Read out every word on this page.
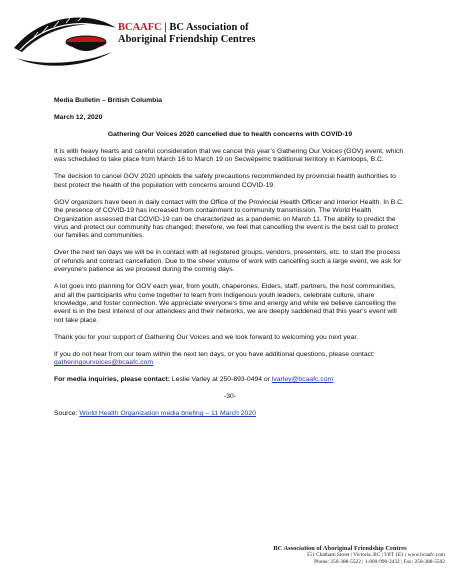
BCAAFC | BC Association of
Aboriginal Friendship Centres

Media Bulletin – British Columbia

March 12, 2020

Gathering Our Voices 2020 cancelled due to health concerns with COVID-19

It is with heavy hearts and careful consideration that we cancel this year’s Gathering Our Voices (GOV) event, which was scheduled to take place from March 16 to March 19 on Secwépemc traditional territory in Kamloops, B.C.

The decision to cancel GOV 2020 upholds the safety precautions recommended by provincial health authorities to best protect the health of the population with concerns around COVID-19.

GOV organizers have been in daily contact with the Office of the Provincial Health Officer and Interior Health. In B.C. the presence of COVID-19 has increased from containment to community transmission. The World Health Organization assessed that COVID-19 can be characterized as a pandemic on March 11. The ability to predict the virus and protect our community has changed; therefore, we feel that cancelling the event is the best call to protect our families and communities.

Over the next ten days we will be in contact with all registered groups, vendors, presenters, etc. to start the process of refunds and contract cancellation. Due to the sheer volume of work with cancelling such a large event, we ask for everyone’s patience as we proceed during the coming days.

A lot goes into planning for GOV each year, from youth, chaperones, Elders, staff, partners, the host communities, and all the participants who come together to learn from Indigenous youth leaders, celebrate culture, share knowledge, and foster connection. We appreciate everyone’s time and energy and while we believe cancelling the event is in the best interest of our attendees and their networks, we are deeply saddened that this year’s event will not take place.

Thank you for your support of Gathering Our Voices and we look forward to welcoming you next year.

If you do not hear from our team within the next ten days, or you have additional questions, please contact: gatheringourvoices@bcaafc.com

For media inquiries, please contact: Leslie Varley at 250-893-0494 or lvarley@bcaafc.com

-30-

Source: World Health Organization media briefing – 11 March 2020

BC Association of Aboriginal Friendship Centres
551 Chatham Street | Victoria, BC | V8T 1E1 | www.bcaafc.com
Phone: 250-388-5522 | 1-800-990-2432 | Fax: 250-388-5502
